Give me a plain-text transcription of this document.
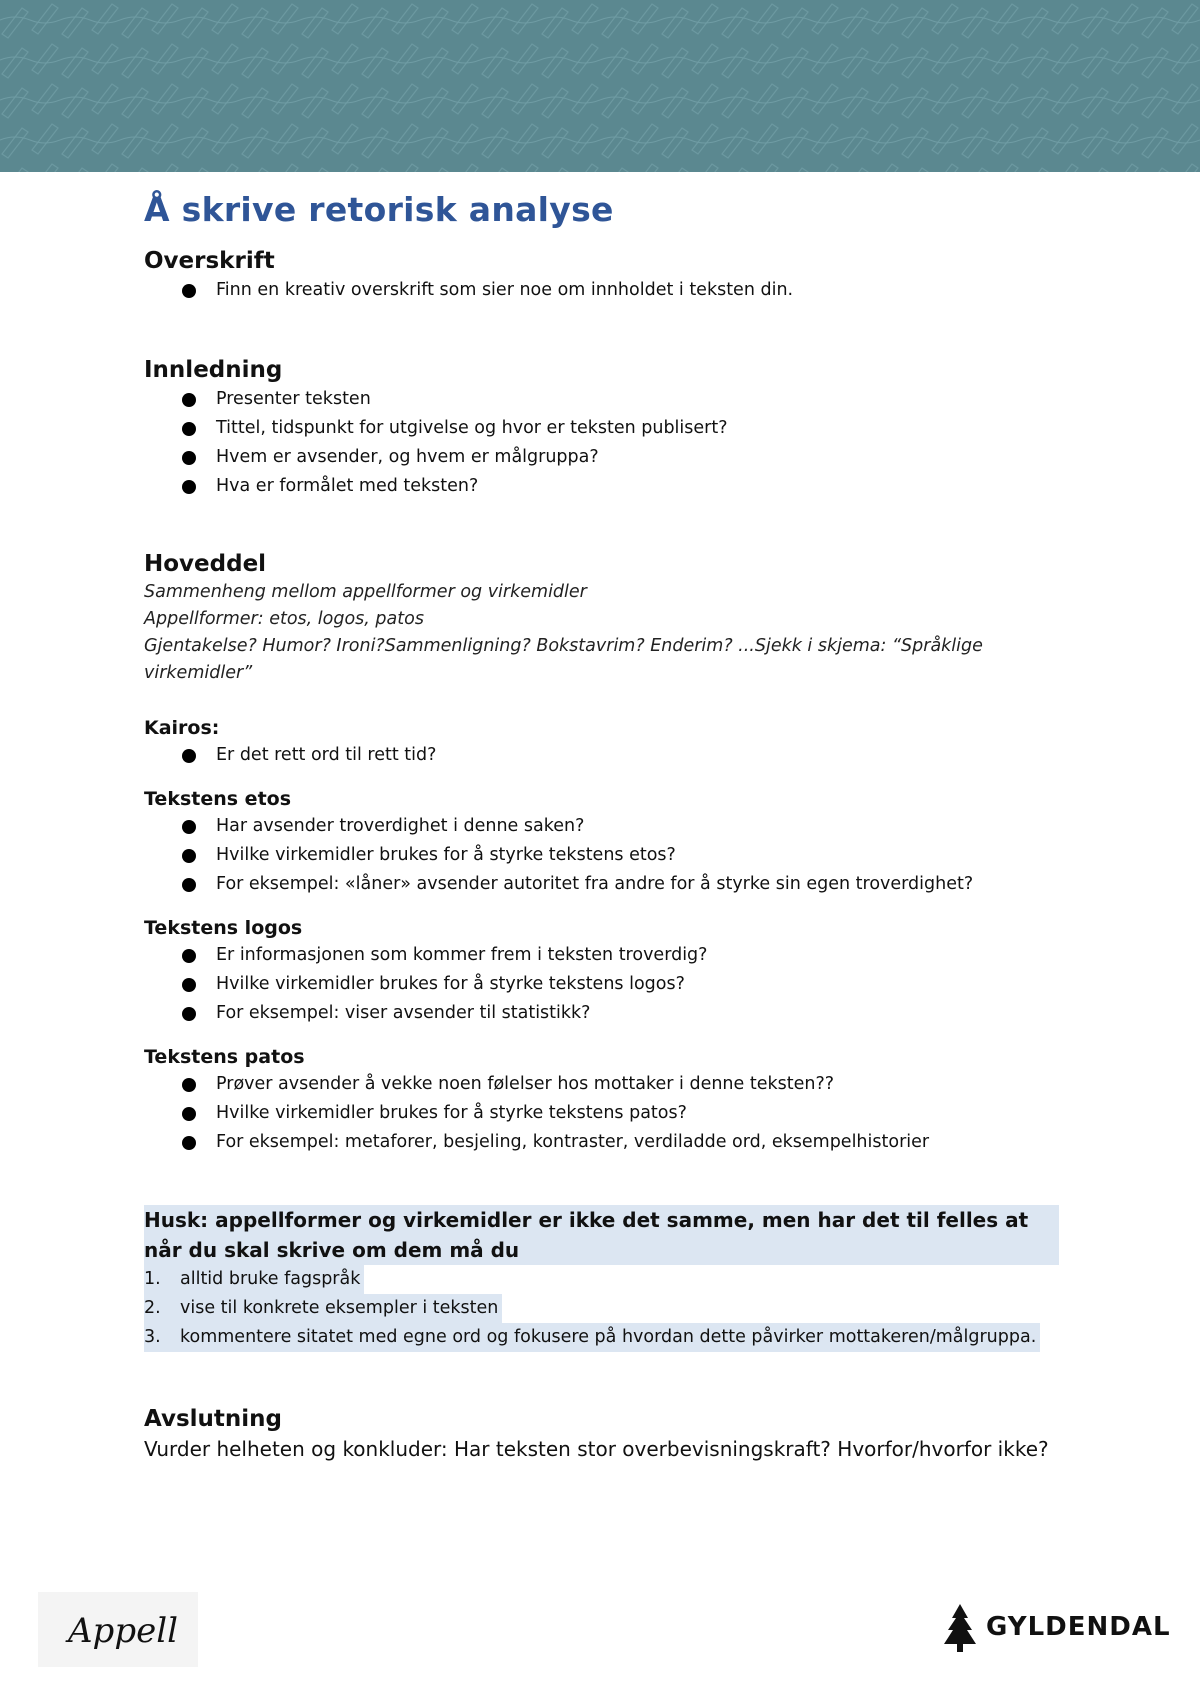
Å skrive retorisk analyse
Overskrift
Finn en kreativ overskrift som sier noe om innholdet i teksten din.
Innledning
Presenter teksten
Tittel, tidspunkt for utgivelse og hvor er teksten publisert?
Hvem er avsender, og hvem er målgruppa?
Hva er formålet med teksten?
Hoveddel

Sammenheng mellom appellformer og virkemidler

Appellformer: etos, logos, patos

Gjentakelse? Humor? Ironi?Sammenligning? Bokstavrim? Enderim? ...Sjekk i skjema: “Språklige virkemidler”

Kairos:
Er det rett ord til rett tid?
Tekstens etos
Har avsender troverdighet i denne saken?
Hvilke virkemidler brukes for å styrke tekstens etos?
For eksempel: «låner» avsender autoritet fra andre for å styrke sin egen troverdighet?
Tekstens logos
Er informasjonen som kommer frem i teksten troverdig?
Hvilke virkemidler brukes for å styrke tekstens logos?
For eksempel: viser avsender til statistikk?
Tekstens patos
Prøver avsender å vekke noen følelser hos mottaker i denne teksten??
Hvilke virkemidler brukes for å styrke tekstens patos?
For eksempel: metaforer, besjeling, kontraster, verdiladde ord, eksempelhistorier
Husk: appellformer og virkemidler er ikke det samme, men har det til felles at når du skal skrive om dem må du
1. alltid bruke fagspråk
2. vise til konkrete eksempler i teksten
3. kommentere sitatet med egne ord og fokusere på hvordan dette påvirker mottakeren/målgruppa.
Avslutning

Vurder helheten og konkluder: Har teksten stor overbevisningskraft? Hvorfor/hvorfor ikke?

Appell	GYLDENDAL
